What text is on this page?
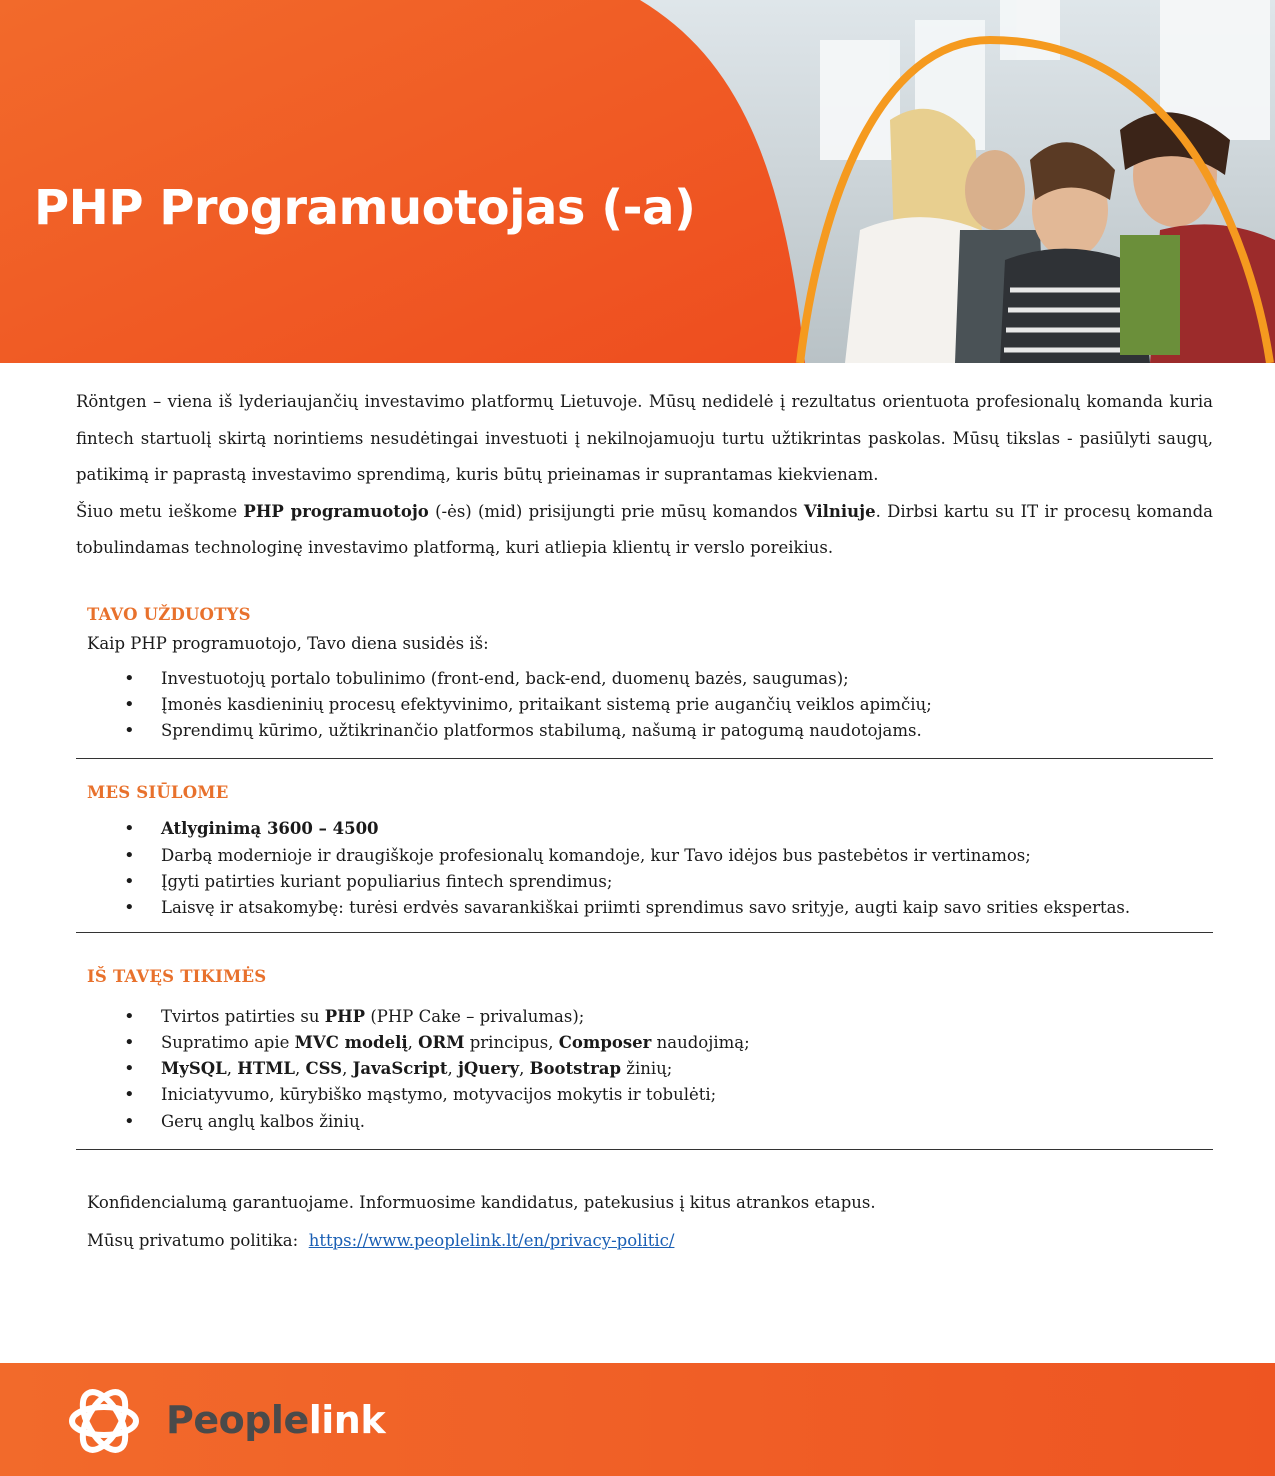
PHP Programuotojas (-a)

Röntgen – viena iš lyderiaujančių investavimo platformų Lietuvoje. Mūsų nedidelė į rezultatus orientuota profesionalų komanda kuria fintech startuolį skirtą norintiems nesudėtingai investuoti į nekilnojamuoju turtu užtikrintas paskolas. Mūsų tikslas - pasiūlyti saugų, patikimą ir paprastą investavimo sprendimą, kuris būtų prieinamas ir suprantamas kiekvienam.

Šiuo metu ieškome PHP programuotojo (-ės) (mid) prisijungti prie mūsų komandos Vilniuje. Dirbsi kartu su IT ir procesų komanda tobulindamas technologinę investavimo platformą, kuri atliepia klientų ir verslo poreikius.

TAVO UŽDUOTYS

Kaip PHP programuotojo, Tavo diena susidės iš:

• Investuotojų portalo tobulinimo (front-end, back-end, duomenų bazės, saugumas);
• Įmonės kasdieninių procesų efektyvinimo, pritaikant sistemą prie augančių veiklos apimčių;
• Sprendimų kūrimo, užtikrinančio platformos stabilumą, našumą ir patogumą naudotojams.
MES SIŪLOME
• Atlyginimą 3600 – 4500
• Darbą modernioje ir draugiškoje profesionalų komandoje, kur Tavo idėjos bus pastebėtos ir vertinamos;
• Įgyti patirties kuriant populiarius fintech sprendimus;
• Laisvę ir atsakomybę: turėsi erdvės savarankiškai priimti sprendimus savo srityje, augti kaip savo srities ekspertas.
IŠ TAVĘS TIKIMĖS
• Tvirtos patirties su PHP (PHP Cake – privalumas);
• Supratimo apie MVC modelį, ORM principus, Composer naudojimą;
• MySQL, HTML, CSS, JavaScript, jQuery, Bootstrap žinių;
• Iniciatyvumo, kūrybiško mąstymo, motyvacijos mokytis ir tobulėti;
• Gerų anglų kalbos žinių.

Konfidencialumą garantuojame. Informuosime kandidatus, patekusius į kitus atrankos etapus.

Mūsų privatumo politika: https://www.peoplelink.lt/en/privacy-politic/

Peoplelink
